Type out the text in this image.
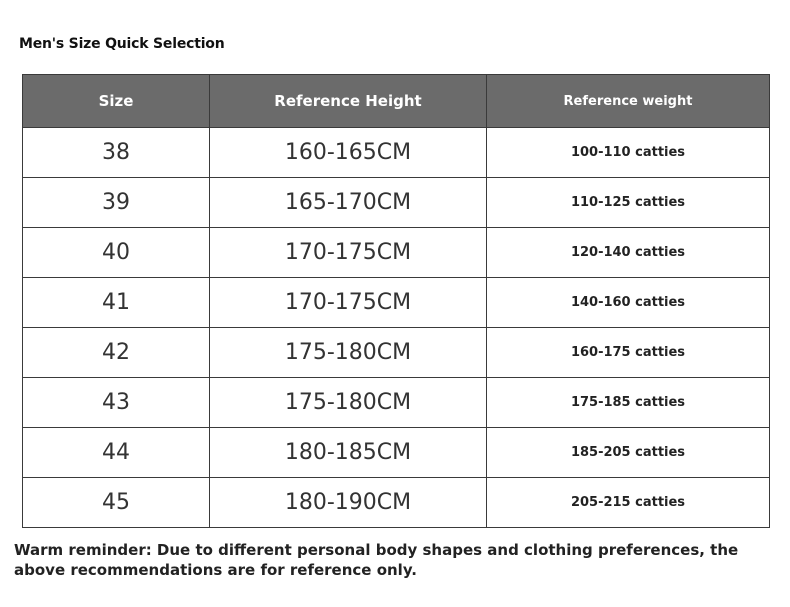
Men's Size Quick Selection
Size	Reference Height	Reference weight
38	160-165CM	100-110 catties
39	165-170CM	110-125 catties
40	170-175CM	120-140 catties
41	170-175CM	140-160 catties
42	175-180CM	160-175 catties
43	175-180CM	175-185 catties
44	180-185CM	185-205 catties
45	180-190CM	205-215 catties
Warm reminder: Due to different personal body shapes and clothing preferences, the above recommendations are for reference only.
